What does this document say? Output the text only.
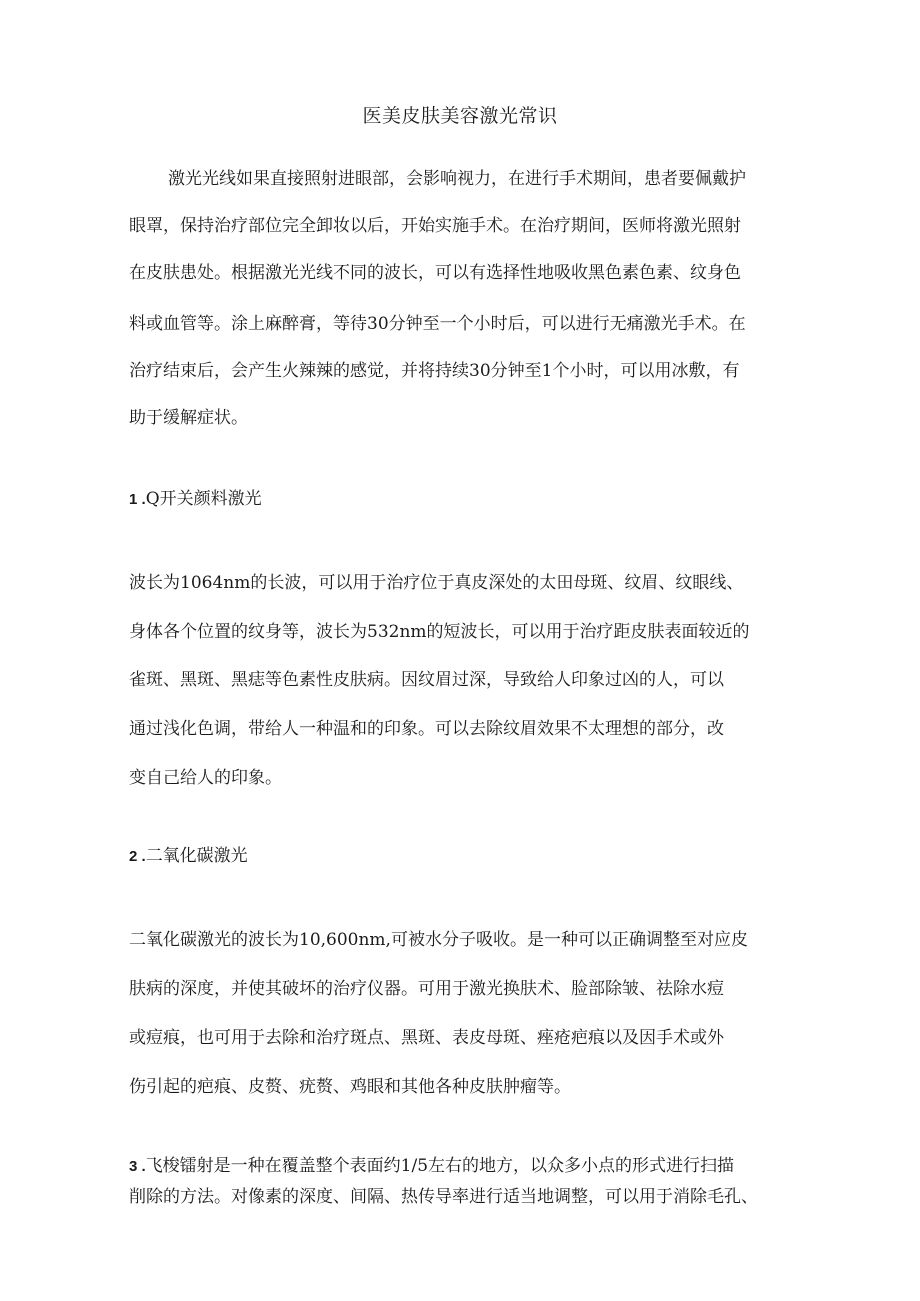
医美皮肤美容激光常识
激光光线如果直接照射进眼部，会影响视力，在进行手术期间，患者要佩戴护
眼罩，保持治疗部位完全卸妆以后，开始实施手术。在治疗期间，医师将激光照射
在皮肤患处。根据激光光线不同的波长，可以有选择性地吸收黑色素色素、纹身色
料或血管等。涂上麻醉膏，等待30分钟至一个小时后，可以进行无痛激光手术。在
治疗结束后，会产生火辣辣的感觉，并将持续30分钟至1个小时，可以用冰敷，有
助于缓解症状。
1 .Q开关颜料激光
波长为1064nm的长波，可以用于治疗位于真皮深处的太田母斑、纹眉、纹眼线、
身体各个位置的纹身等，波长为532nm的短波长，可以用于治疗距皮肤表面较近的
雀斑、黑斑、黑痣等色素性皮肤病。因纹眉过深，导致给人印象过凶的人，可以
通过浅化色调，带给人一种温和的印象。可以去除纹眉效果不太理想的部分，改
变自己给人的印象。
2 .二氧化碳激光
二氧化碳激光的波长为10,600nm,可被水分子吸收。是一种可以正确调整至对应皮
肤病的深度，并使其破坏的治疗仪器。可用于激光换肤术、脸部除皱、祛除水痘
或痘痕，也可用于去除和治疗斑点、黑斑、表皮母斑、痤疮疤痕以及因手术或外
伤引起的疤痕、皮赘、疣赘、鸡眼和其他各种皮肤肿瘤等。
3 .飞梭镭射是一种在覆盖整个表面约1/5左右的地方，以众多小点的形式进行扫描
削除的方法。对像素的深度、间隔、热传导率进行适当地调整，可以用于消除毛孔、
